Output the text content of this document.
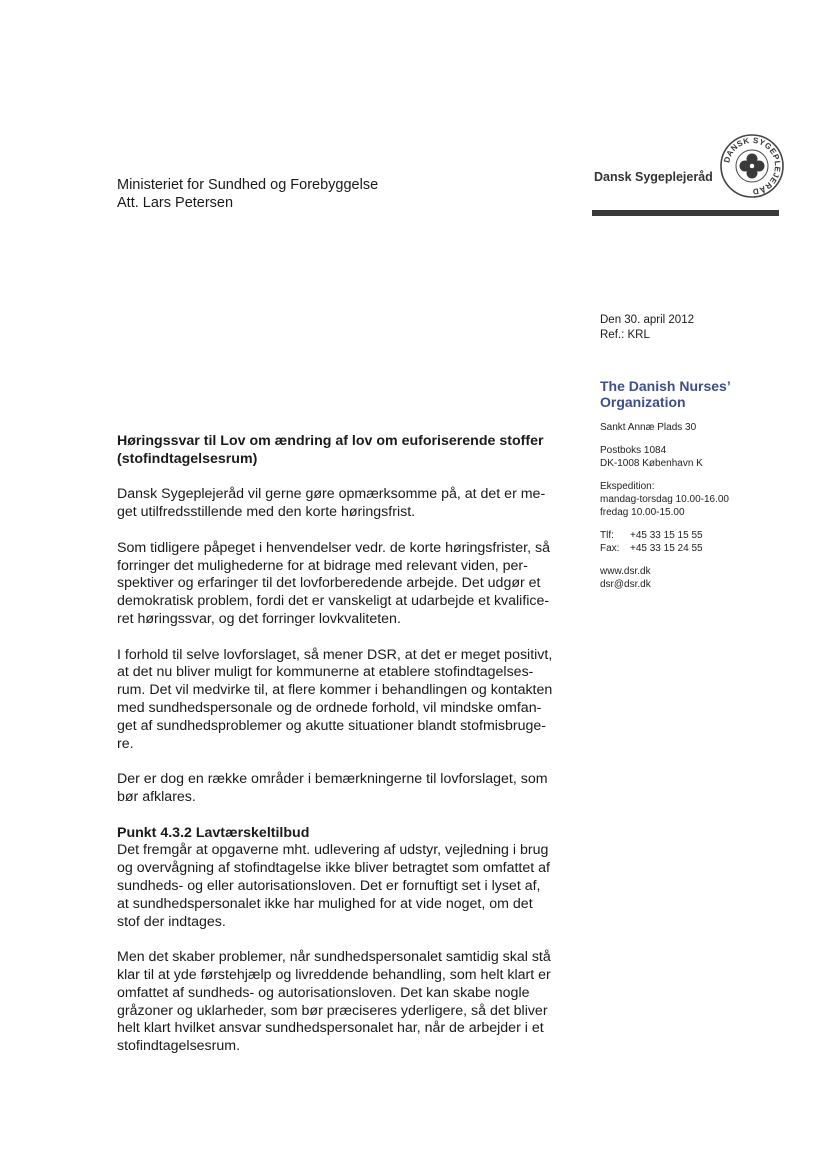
Ministeriet for Sundhed og Forebyggelse
Att. Lars Petersen
Dansk Sygeplejeråd
DANSK SYGEPLEJERÅD
Den 30. april 2012
Ref.: KRL
The Danish Nurses’
Organization
Sankt Annæ Plads 30
Postboks 1084
DK-1008 København K
Ekspedition:
mandag-torsdag 10.00-16.00
fredag 10.00-15.00
Tlf: +45 33 15 15 55
Fax: +45 33 15 24 55
www.dsr.dk
dsr@dsr.dk

Høringssvar til Lov om ændring af lov om euforiserende stoffer
(stofindtagelsesrum)

Dansk Sygeplejeråd vil gerne gøre opmærksomme på, at det er me-
get utilfredsstillende med den korte høringsfrist.

Som tidligere påpeget i henvendelser vedr. de korte høringsfrister, så
forringer det mulighederne for at bidrage med relevant viden, per-
spektiver og erfaringer til det lovforberedende arbejde. Det udgør et
demokratisk problem, fordi det er vanskeligt at udarbejde et kvalifice-
ret høringssvar, og det forringer lovkvaliteten.

I forhold til selve lovforslaget, så mener DSR, at det er meget positivt,
at det nu bliver muligt for kommunerne at etablere stofindtagelses-
rum. Det vil medvirke til, at flere kommer i behandlingen og kontakten
med sundhedspersonale og de ordnede forhold, vil mindske omfan-
get af sundhedsproblemer og akutte situationer blandt stofmisbruge-
re.

Der er dog en række områder i bemærkningerne til lovforslaget, som
bør afklares.

Punkt 4.3.2 Lavtærskeltilbud

Det fremgår at opgaverne mht. udlevering af udstyr, vejledning i brug
og overvågning af stofindtagelse ikke bliver betragtet som omfattet af
sundheds- og eller autorisationsloven. Det er fornuftigt set i lyset af,
at sundhedspersonalet ikke har mulighed for at vide noget, om det
stof der indtages.

Men det skaber problemer, når sundhedspersonalet samtidig skal stå
klar til at yde førstehjælp og livreddende behandling, som helt klart er
omfattet af sundheds- og autorisationsloven. Det kan skabe nogle
gråzoner og uklarheder, som bør præciseres yderligere, så det bliver
helt klart hvilket ansvar sundhedspersonalet har, når de arbejder i et
stofindtagelsesrum.
